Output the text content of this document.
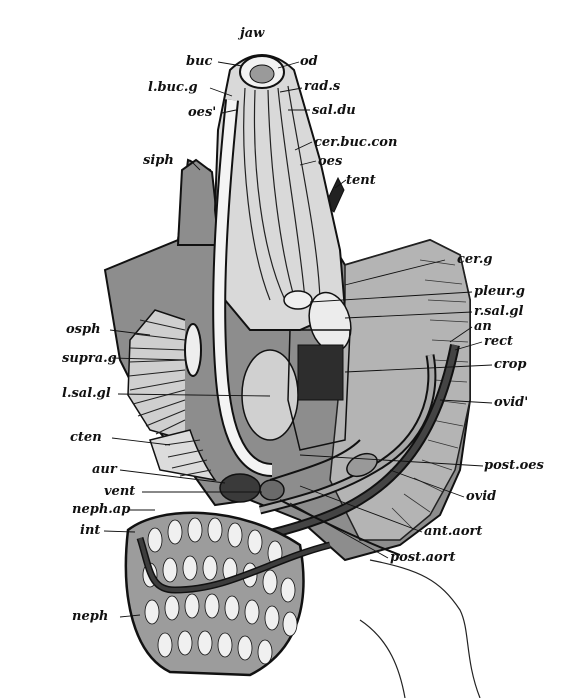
jaw
buc	od
l.buc.g	rad.s
oes'	sal.du
cer.buc.con
oes
siph
tent
cer.g
pleur.g
r.sal.gl
an
osph
rect
supra.g	crop
l.sal.gl
ovid'
cten
post.oes
aur
vent	ovid
neph.ap
ant.aort
int
post.aort
neph
